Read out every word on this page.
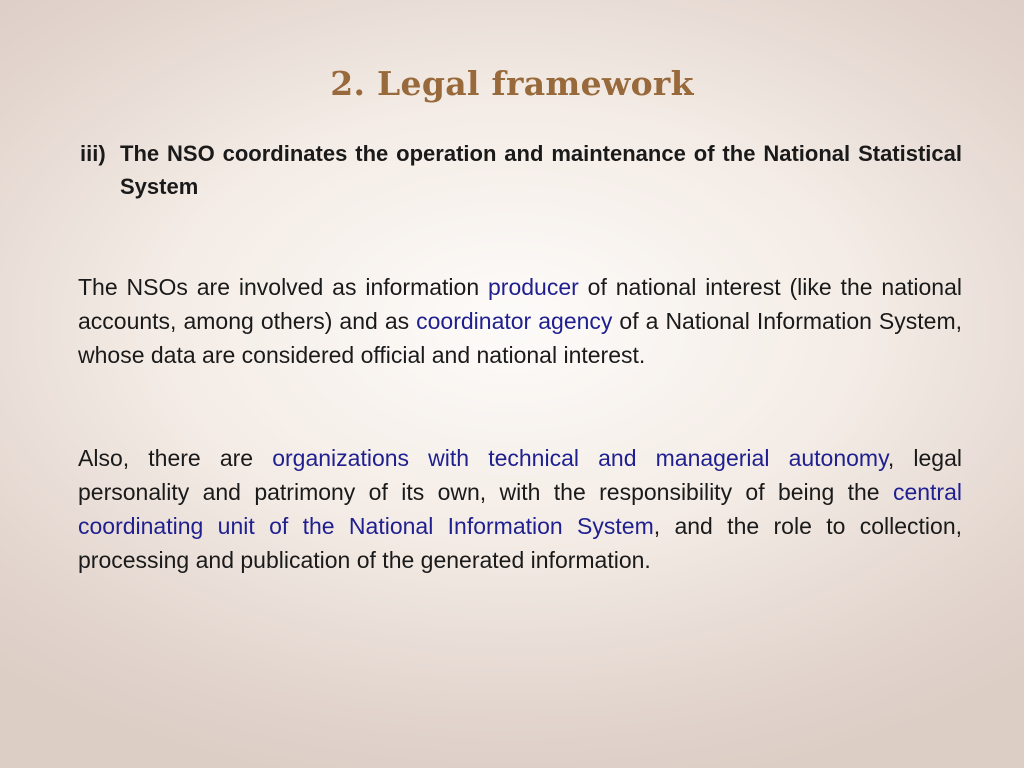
2. Legal framework
iii) The NSO coordinates the operation and maintenance of the National Statistical System

The NSOs are involved as information producer of national interest (like the national accounts, among others) and as coordinator agency of a National Information System, whose data are considered official and national interest.

Also, there are organizations with technical and managerial autonomy, legal personality and patrimony of its own, with the responsibility of being the central coordinating unit of the National Information System, and the role to collection, processing and publication of the generated information.
